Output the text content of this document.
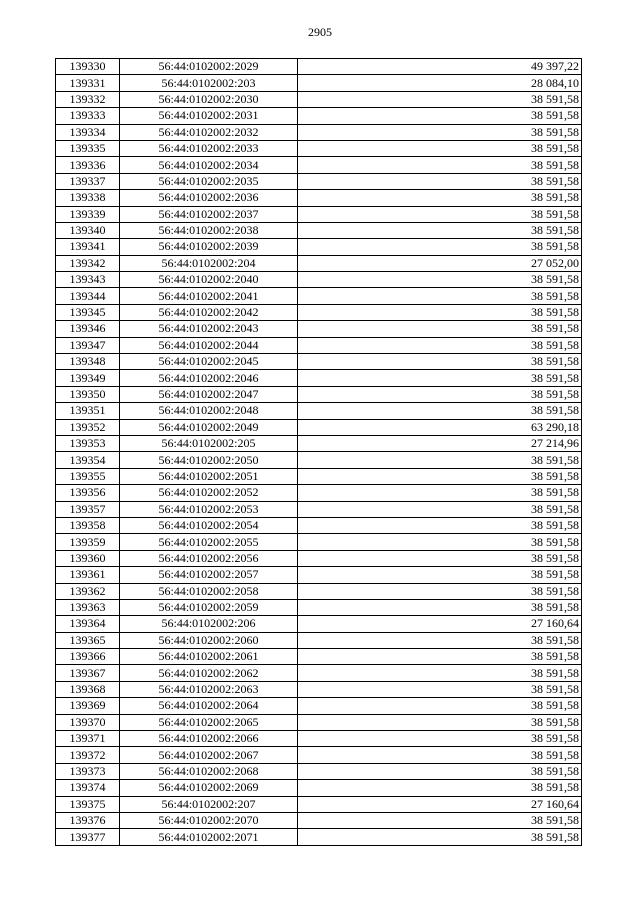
2905
139330	56:44:0102002:2029	49 397,22
139331	56:44:0102002:203	28 084,10
139332	56:44:0102002:2030	38 591,58
139333	56:44:0102002:2031	38 591,58
139334	56:44:0102002:2032	38 591,58
139335	56:44:0102002:2033	38 591,58
139336	56:44:0102002:2034	38 591,58
139337	56:44:0102002:2035	38 591,58
139338	56:44:0102002:2036	38 591,58
139339	56:44:0102002:2037	38 591,58
139340	56:44:0102002:2038	38 591,58
139341	56:44:0102002:2039	38 591,58
139342	56:44:0102002:204	27 052,00
139343	56:44:0102002:2040	38 591,58
139344	56:44:0102002:2041	38 591,58
139345	56:44:0102002:2042	38 591,58
139346	56:44:0102002:2043	38 591,58
139347	56:44:0102002:2044	38 591,58
139348	56:44:0102002:2045	38 591,58
139349	56:44:0102002:2046	38 591,58
139350	56:44:0102002:2047	38 591,58
139351	56:44:0102002:2048	38 591,58
139352	56:44:0102002:2049	63 290,18
139353	56:44:0102002:205	27 214,96
139354	56:44:0102002:2050	38 591,58
139355	56:44:0102002:2051	38 591,58
139356	56:44:0102002:2052	38 591,58
139357	56:44:0102002:2053	38 591,58
139358	56:44:0102002:2054	38 591,58
139359	56:44:0102002:2055	38 591,58
139360	56:44:0102002:2056	38 591,58
139361	56:44:0102002:2057	38 591,58
139362	56:44:0102002:2058	38 591,58
139363	56:44:0102002:2059	38 591,58
139364	56:44:0102002:206	27 160,64
139365	56:44:0102002:2060	38 591,58
139366	56:44:0102002:2061	38 591,58
139367	56:44:0102002:2062	38 591,58
139368	56:44:0102002:2063	38 591,58
139369	56:44:0102002:2064	38 591,58
139370	56:44:0102002:2065	38 591,58
139371	56:44:0102002:2066	38 591,58
139372	56:44:0102002:2067	38 591,58
139373	56:44:0102002:2068	38 591,58
139374	56:44:0102002:2069	38 591,58
139375	56:44:0102002:207	27 160,64
139376	56:44:0102002:2070	38 591,58
139377	56:44:0102002:2071	38 591,58
